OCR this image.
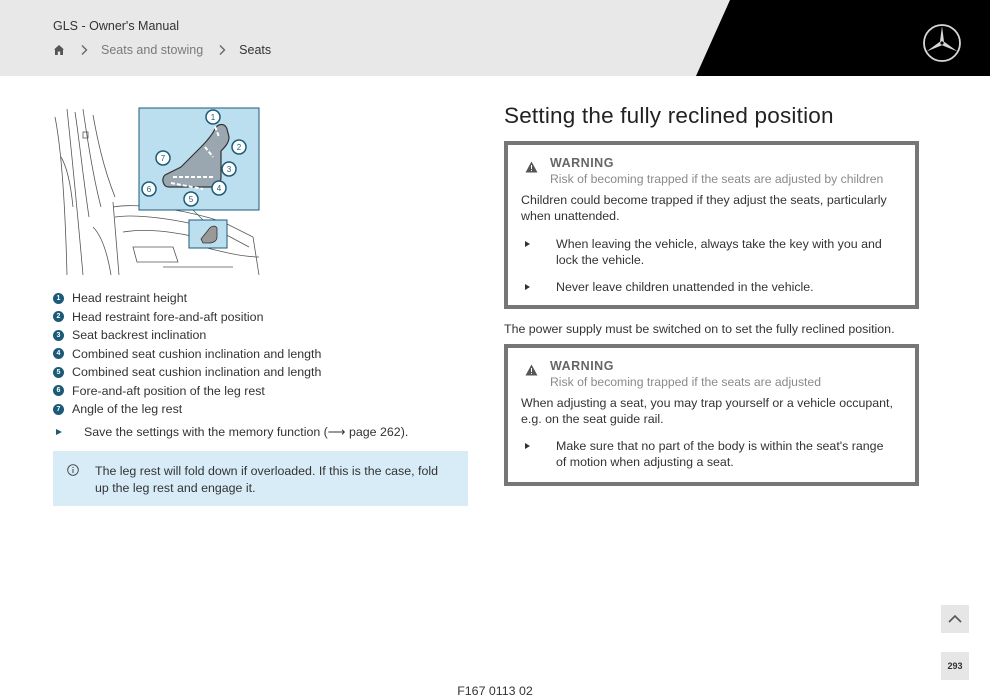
GLS - Owner's Manual
Seats and stowing	Seats
1
2
3
4
5
6
7
1 Head restraint height
2 Head restraint fore-and-aft position
3 Seat backrest inclination
4 Combined seat cushion inclination and length
5 Combined seat cushion inclination and length
6 Fore-and-aft position of the leg rest
7 Angle of the leg rest
Save the settings with the memory function ( ⟶ page 262 ).
The leg rest will fold down if overloaded. If this is the case, fold up the leg rest and engage it.
Setting the fully reclined position
WARNING
Risk of becoming trapped if the seats are adjusted by children
Children could become trapped if they adjust the seats, particularly when unattended.
When leaving the vehicle, always take the key with you and lock the vehicle.
Never leave children unattended in the vehicle.
The power supply must be switched on to set the fully reclined position.
WARNING
Risk of becoming trapped if the seats are adjusted
When adjusting a seat, you may trap yourself or a vehicle occupant, e.g. on the seat guide rail.
Make sure that no part of the body is within the seat's range of motion when adjusting a seat.
293
F167 0113 02
